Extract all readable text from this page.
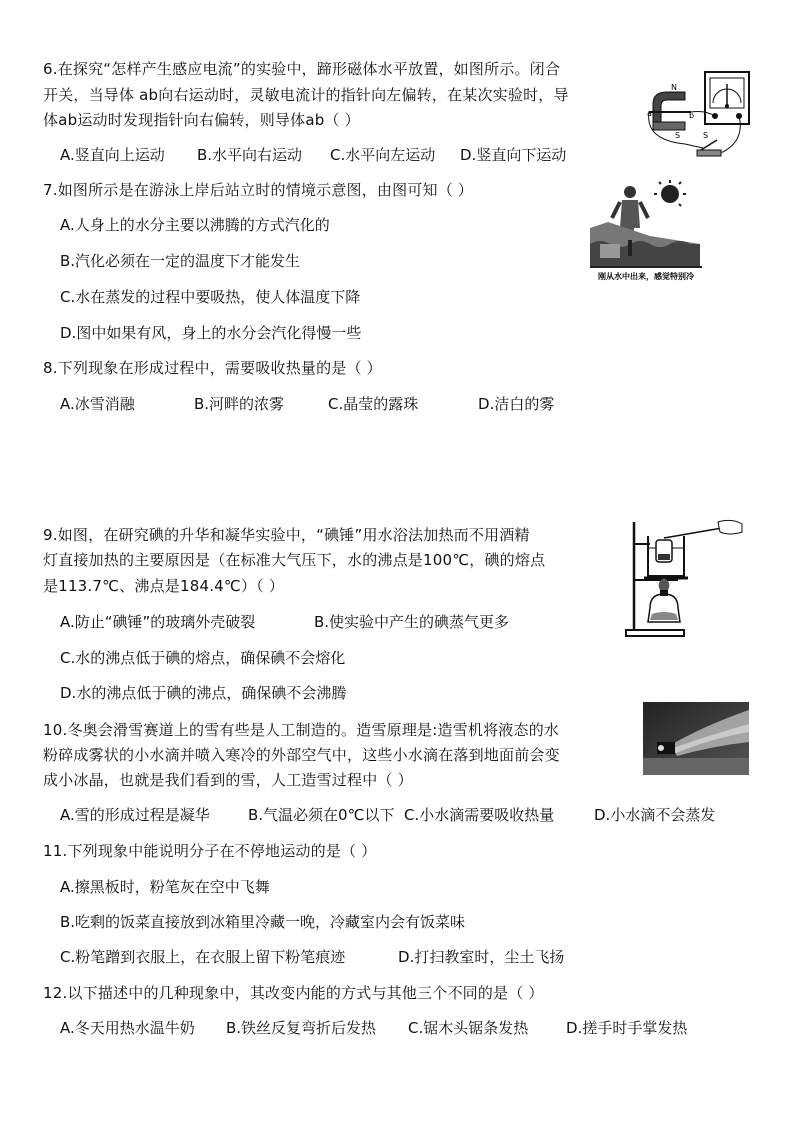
6.在探究“怎样产生感应电流”的实验中，蹄形磁体水平放置，如图所示。闭合
开关，当导体 ab向右运动时，灵敏电流计的指针向左偏转，在某次实验时，导
体ab运动时发现指针向右偏转，则导体ab（ ）
A.竖直向上运动 B.水平向右运动 C.水平向左运动 D.竖直向下运动
N
S
a	b
S
7.如图所示是在游泳上岸后站立时的情境示意图，由图可知（ ）
A.人身上的水分主要以沸腾的方式汽化的
B.汽化必须在一定的温度下才能发生
C.水在蒸发的过程中要吸热，使人体温度下降
D.图中如果有风，身上的水分会汽化得慢一些
刚从水中出来，感觉特别冷
8.下列现象在形成过程中，需要吸收热量的是（ ）
A.冰雪消融	B.河畔的浓雾	C.晶莹的露珠	D.洁白的雾
9.如图，在研究碘的升华和凝华实验中，“碘锤”用水浴法加热而不用酒精
灯直接加热的主要原因是（在标准大气压下，水的沸点是100℃，碘的熔点
是113.7℃、沸点是184.4℃）（ ）
A.防止“碘锤”的玻璃外壳破裂	B.使实验中产生的碘蒸气更多
C.水的沸点低于碘的熔点，确保碘不会熔化
D.水的沸点低于碘的沸点，确保碘不会沸腾
10.冬奥会滑雪赛道上的雪有些是人工制造的。造雪原理是:造雪机将液态的水
粉碎成雾状的小水滴并喷入寒冷的外部空气中，这些小水滴在落到地面前会变
成小冰晶，也就是我们看到的雪，人工造雪过程中（ ）
A.雪的形成过程是凝华	B.气温必须在0℃以下 C.小水滴需要吸收热量	D.小水滴不会蒸发
11.下列现象中能说明分子在不停地运动的是（ ）
A.擦黑板时，粉笔灰在空中飞舞
B.吃剩的饭菜直接放到冰箱里冷藏一晚，冷藏室内会有饭菜味
C.粉笔蹭到衣服上，在衣服上留下粉笔痕迹	D.打扫教室时，尘土飞扬
12.以下描述中的几种现象中，其改变内能的方式与其他三个不同的是（ ）
A.冬天用热水温牛奶 B.铁丝反复弯折后发热 C.锯木头锯条发热	D.搓手时手掌发热
